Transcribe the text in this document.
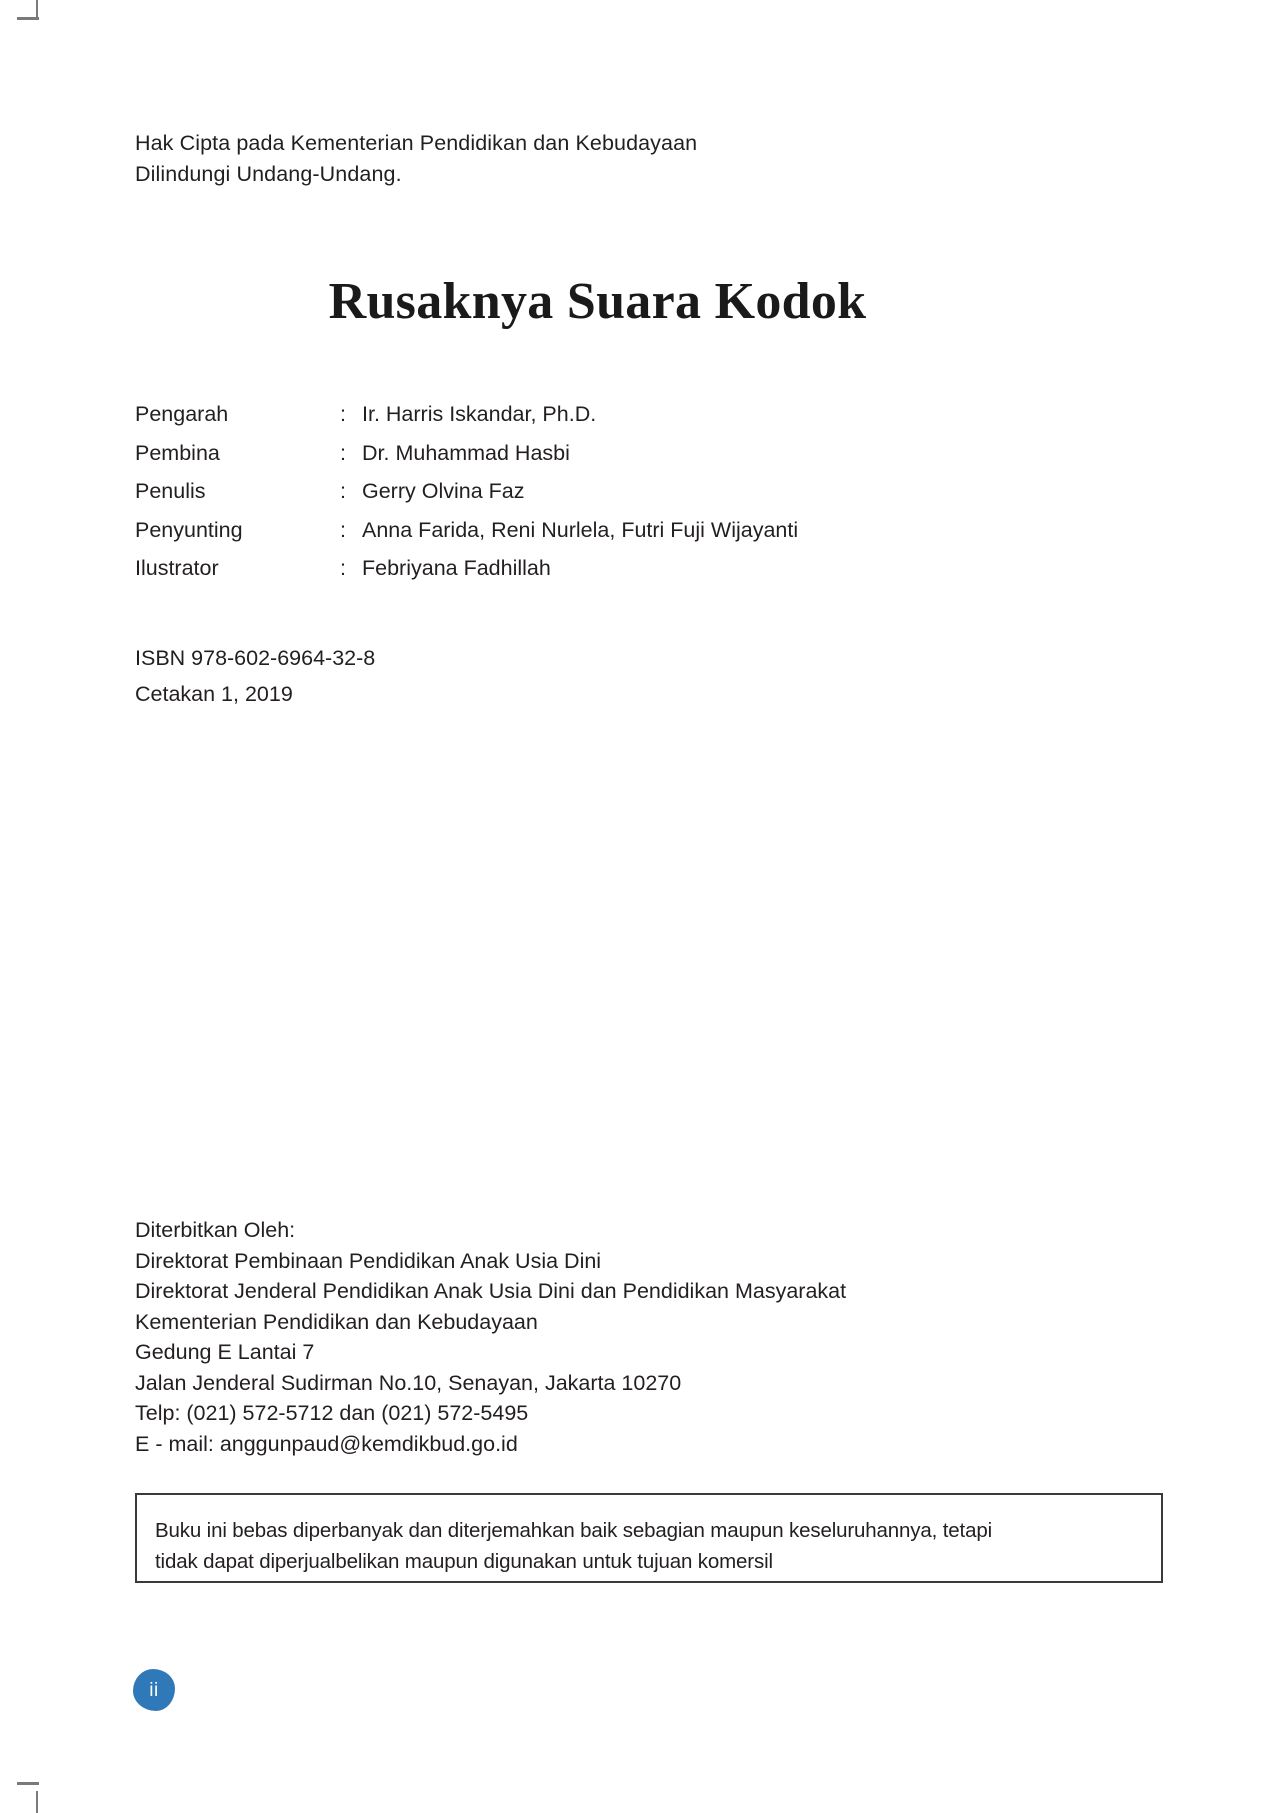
Hak Cipta pada Kementerian Pendidikan dan Kebudayaan
Dilindungi Undang-Undang.
Rusaknya Suara Kodok
Pengarah	: Ir. Harris Iskandar, Ph.D.
Pembina	: Dr. Muhammad Hasbi
Penulis	: Gerry Olvina Faz
Penyunting	: Anna Farida, Reni Nurlela, Futri Fuji Wijayanti
Ilustrator	: Febriyana Fadhillah
ISBN 978-602-6964-32-8
Cetakan 1, 2019
Diterbitkan Oleh:
Direktorat Pembinaan Pendidikan Anak Usia Dini
Direktorat Jenderal Pendidikan Anak Usia Dini dan Pendidikan Masyarakat
Kementerian Pendidikan dan Kebudayaan
Gedung E Lantai 7
Jalan Jenderal Sudirman No.10, Senayan, Jakarta 10270
Telp: (021) 572-5712 dan (021) 572-5495
E - mail: anggunpaud@kemdikbud.go.id
Buku ini bebas diperbanyak dan diterjemahkan baik sebagian maupun keseluruhannya, tetapi
tidak dapat diperjualbelikan maupun digunakan untuk tujuan komersil
ii
